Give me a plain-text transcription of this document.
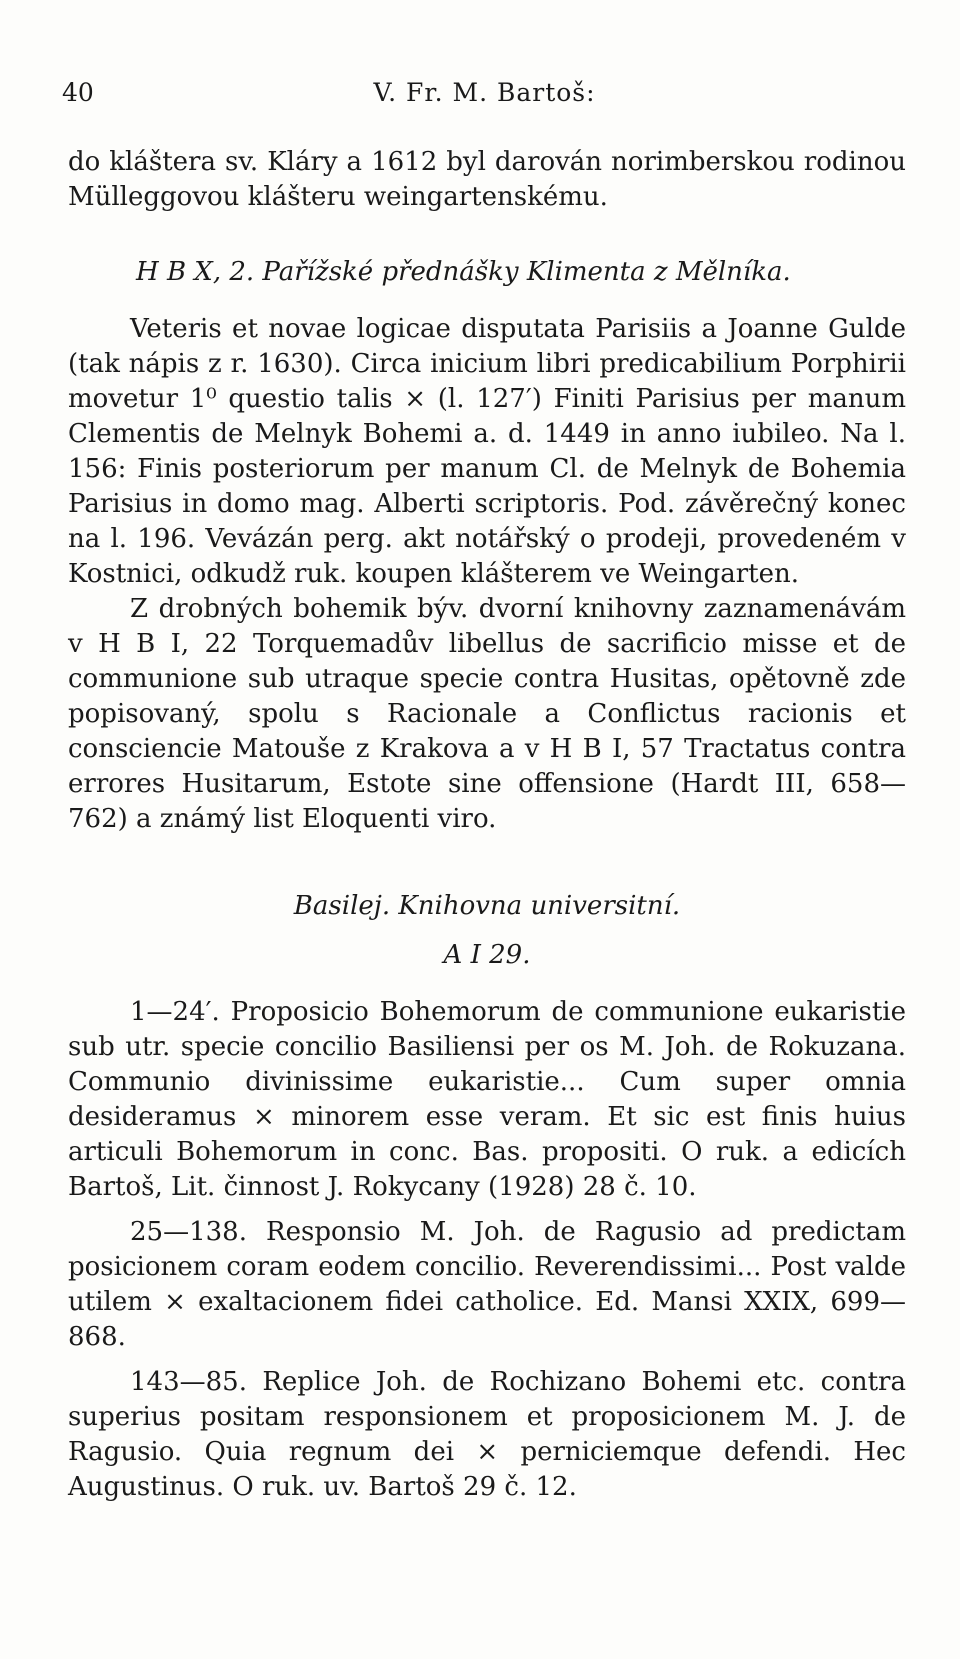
40	V. Fr. M. Bartoš:

do kláštera sv. Kláry a 1612 byl darován norimberskou rodinou Mülleggovou klášteru weingartenskému.

H B X, 2. Pařížské přednášky Klimenta z Mělníka.

Veteris et novae logicae disputata Parisiis a Joanne Gulde (tak nápis z r. 1630). Circa inicium libri predicabilium Porphirii movetur 1⁰ questio talis × (l. 127′) Finiti Parisius per manum Clementis de Melnyk Bohemi a. d. 1449 in anno iubileo. Na l. 156: Finis posteriorum per manum Cl. de Melnyk de Bohemia Parisius in domo mag. Alberti scriptoris. Pod. závěrečný konec na l. 196. Vevázán perg. akt notářský o prodeji, provedeném v Kostnici, odkudž ruk. koupen klášterem ve Weingarten.

Z drobných bohemik býv. dvorní knihovny zaznamenávám v H B I, 22 Torquemadův libellus de sacrificio misse et de communione sub utraque specie contra Husitas, opětovně zde popisovaný, spolu s Racionale a Conflictus racionis et consciencie Matouše z Krakova a v H B I, 57 Tractatus contra errores Husitarum, Estote sine offensione (Hardt III, 658—762) a známý list Eloquenti viro.

Basilej. Knihovna universitní.

A I 29.

1—24′. Proposicio Bohemorum de communione eukaristie sub utr. specie concilio Basiliensi per os M. Joh. de Rokuzana. Communio divinissime eukaristie... Cum super omnia desideramus × minorem esse veram. Et sic est finis huius articuli Bohemorum in conc. Bas. propositi. O ruk. a edicích Bartoš, Lit. činnost J. Rokycany (1928) 28 č. 10.

25—138. Responsio M. Joh. de Ragusio ad predictam posicionem coram eodem concilio. Reverendissimi... Post valde utilem × exaltacionem fidei catholice. Ed. Mansi XXIX, 699—868.

143—85. Replice Joh. de Rochizano Bohemi etc. contra superius positam responsionem et proposicionem M. J. de Ragusio. Quia regnum dei × perniciemque defendi. Hec Augustinus. O ruk. uv. Bartoš 29 č. 12.
